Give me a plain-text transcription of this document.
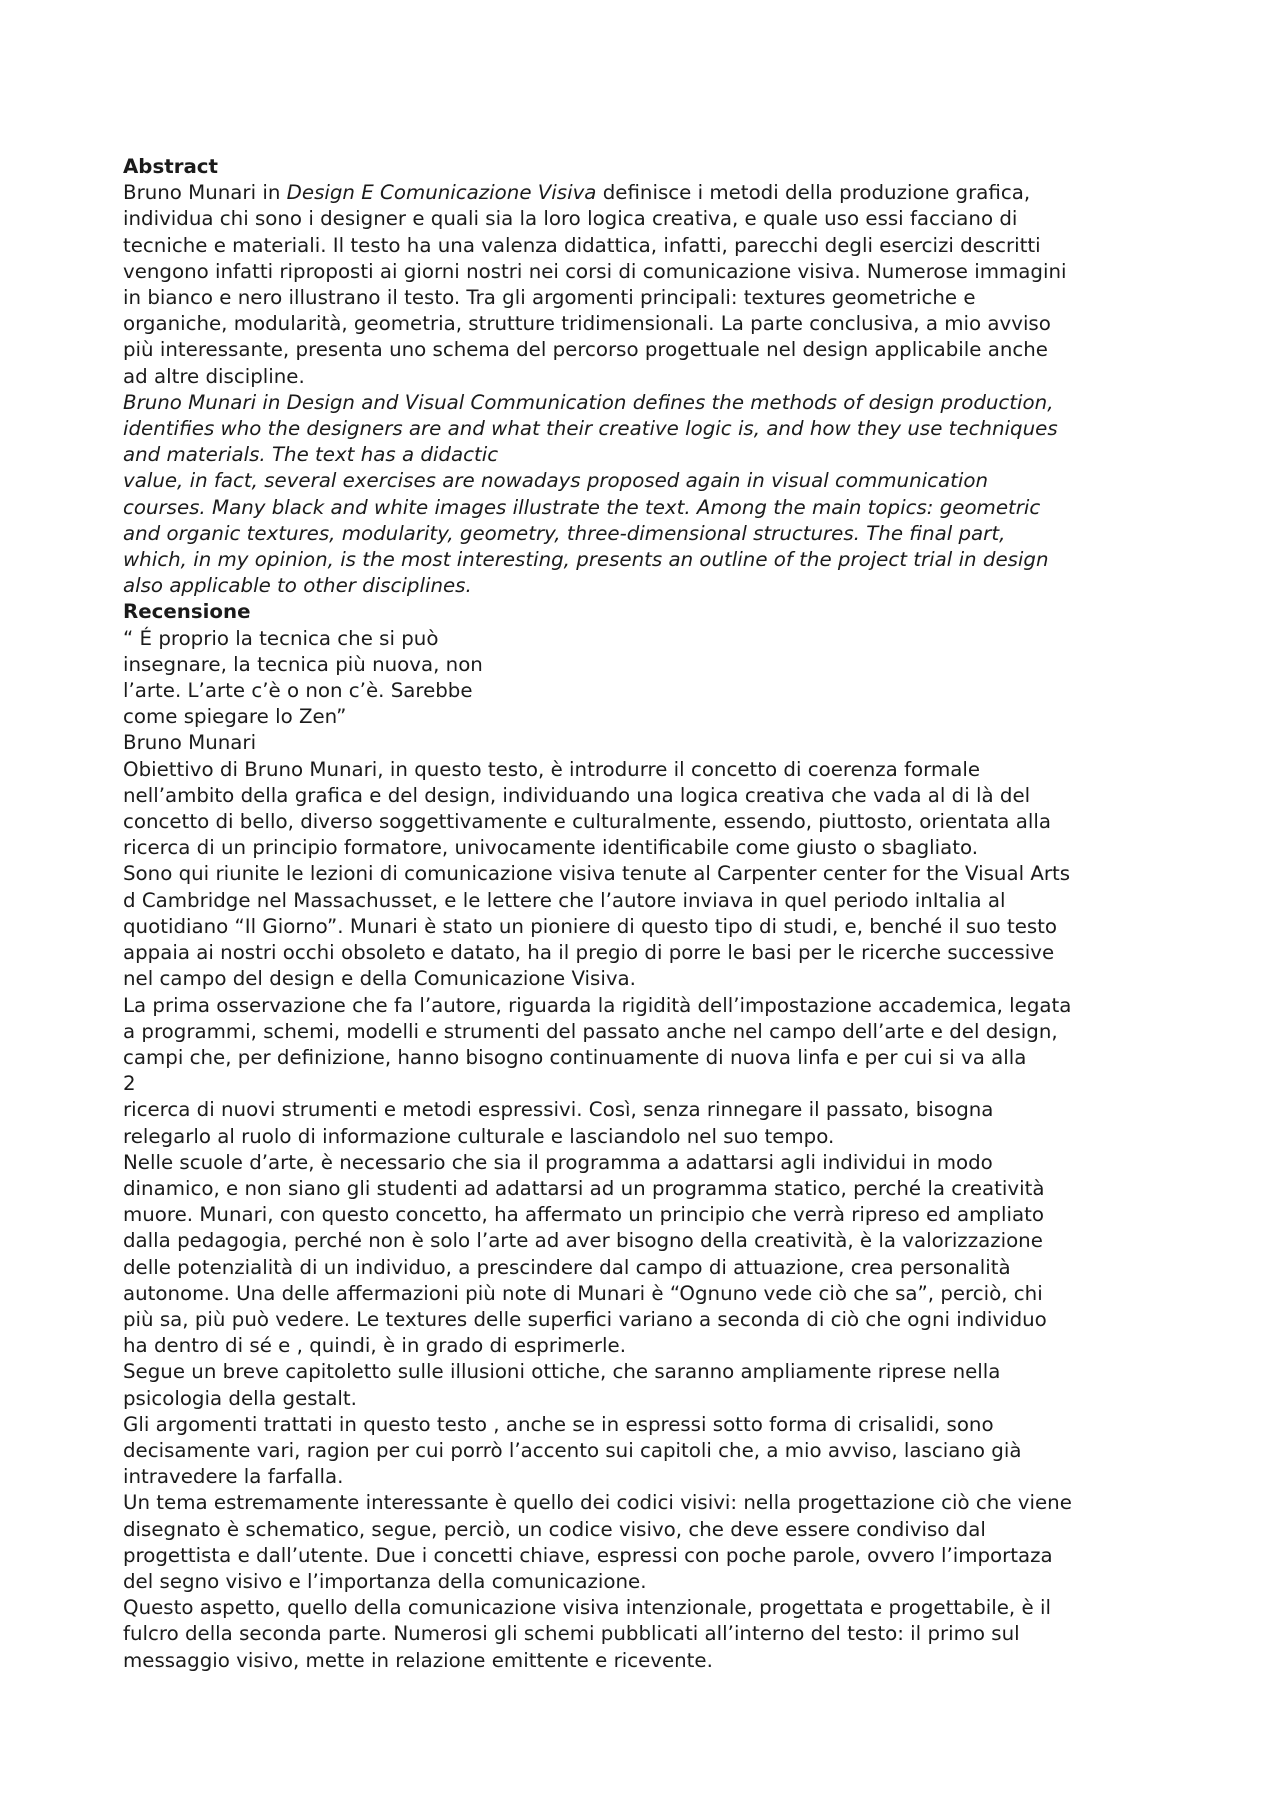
Abstract
Bruno Munari in Design E Comunicazione Visiva definisce i metodi della produzione grafica,
individua chi sono i designer e quali sia la loro logica creativa, e quale uso essi facciano di
tecniche e materiali. Il testo ha una valenza didattica, infatti, parecchi degli esercizi descritti
vengono infatti riproposti ai giorni nostri nei corsi di comunicazione visiva. Numerose immagini
in bianco e nero illustrano il testo. Tra gli argomenti principali: textures geometriche e
organiche, modularità, geometria, strutture tridimensionali. La parte conclusiva, a mio avviso
più interessante, presenta uno schema del percorso progettuale nel design applicabile anche
ad altre discipline.
Bruno Munari in Design and Visual Communication defines the methods of design production,
identifies who the designers are and what their creative logic is, and how they use techniques
and materials. The text has a didactic
value, in fact, several exercises are nowadays proposed again in visual communication
courses. Many black and white images illustrate the text. Among the main topics: geometric
and organic textures, modularity, geometry, three-dimensional structures. The final part,
which, in my opinion, is the most interesting, presents an outline of the project trial in design
also applicable to other disciplines.
Recensione
“ É proprio la tecnica che si può
insegnare, la tecnica più nuova, non
l’arte. L’arte c’è o non c’è. Sarebbe
come spiegare lo Zen”
Bruno Munari
Obiettivo di Bruno Munari, in questo testo, è introdurre il concetto di coerenza formale
nell’ambito della grafica e del design, individuando una logica creativa che vada al di là del
concetto di bello, diverso soggettivamente e culturalmente, essendo, piuttosto, orientata alla
ricerca di un principio formatore, univocamente identificabile come giusto o sbagliato.
Sono qui riunite le lezioni di comunicazione visiva tenute al Carpenter center for the Visual Arts
d Cambridge nel Massachusset, e le lettere che l’autore inviava in quel periodo inItalia al
quotidiano “Il Giorno”. Munari è stato un pioniere di questo tipo di studi, e, benché il suo testo
appaia ai nostri occhi obsoleto e datato, ha il pregio di porre le basi per le ricerche successive
nel campo del design e della Comunicazione Visiva.
La prima osservazione che fa l’autore, riguarda la rigidità dell’impostazione accademica, legata
a programmi, schemi, modelli e strumenti del passato anche nel campo dell’arte e del design,
campi che, per definizione, hanno bisogno continuamente di nuova linfa e per cui si va alla
2
ricerca di nuovi strumenti e metodi espressivi. Così, senza rinnegare il passato, bisogna
relegarlo al ruolo di informazione culturale e lasciandolo nel suo tempo.
Nelle scuole d’arte, è necessario che sia il programma a adattarsi agli individui in modo
dinamico, e non siano gli studenti ad adattarsi ad un programma statico, perché la creatività
muore. Munari, con questo concetto, ha affermato un principio che verrà ripreso ed ampliato
dalla pedagogia, perché non è solo l’arte ad aver bisogno della creatività, è la valorizzazione
delle potenzialità di un individuo, a prescindere dal campo di attuazione, crea personalità
autonome. Una delle affermazioni più note di Munari è “Ognuno vede ciò che sa”, perciò, chi
più sa, più può vedere. Le textures delle superfici variano a seconda di ciò che ogni individuo
ha dentro di sé e , quindi, è in grado di esprimerle.
Segue un breve capitoletto sulle illusioni ottiche, che saranno ampliamente riprese nella
psicologia della gestalt.
Gli argomenti trattati in questo testo , anche se in espressi sotto forma di crisalidi, sono
decisamente vari, ragion per cui porrò l’accento sui capitoli che, a mio avviso, lasciano già
intravedere la farfalla.
Un tema estremamente interessante è quello dei codici visivi: nella progettazione ciò che viene
disegnato è schematico, segue, perciò, un codice visivo, che deve essere condiviso dal
progettista e dall’utente. Due i concetti chiave, espressi con poche parole, ovvero l’importaza
del segno visivo e l’importanza della comunicazione.
Questo aspetto, quello della comunicazione visiva intenzionale, progettata e progettabile, è il
fulcro della seconda parte. Numerosi gli schemi pubblicati all’interno del testo: il primo sul
messaggio visivo, mette in relazione emittente e ricevente.
